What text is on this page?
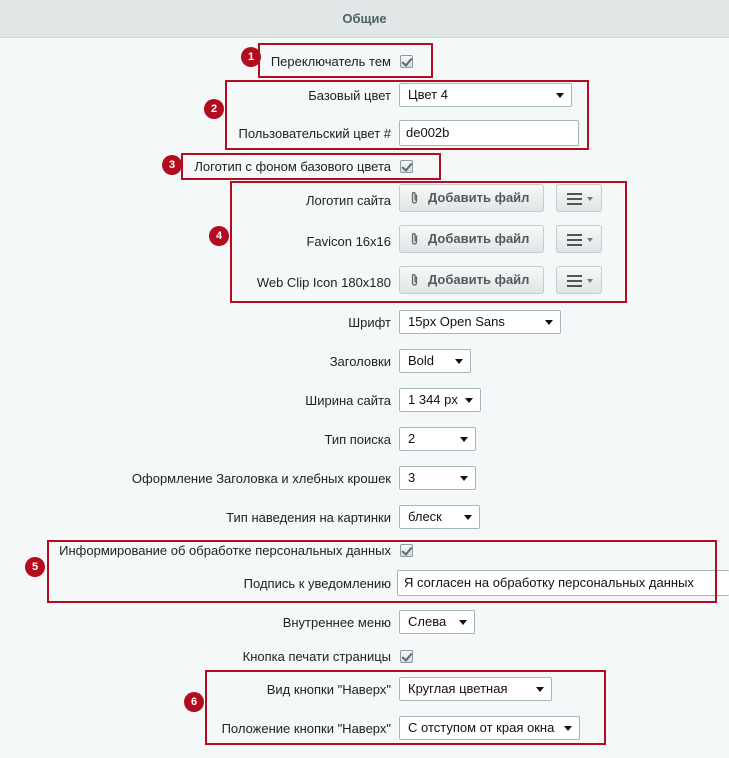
Общие
Переключатель тем
Базовый цвет	Цвет 4
Пользовательский цвет #	de002b
Логотип с фоном базового цвета
Логотип сайта	Добавить файл
Favicon 16x16	Добавить файл
Web Clip Icon 180x180	Добавить файл
Шрифт	15px Open Sans
Заголовки	Bold
Ширина сайта	1 344 px
Тип поиска	2
Оформление Заголовка и хлебных крошек	3
Тип наведения на картинки	блеск
Информирование об обработке персональных данных
Подпись к уведомлению	Я согласен на обработку персональных данных
Внутреннее меню	Слева
Кнопка печати страницы
Вид кнопки "Наверх"	Круглая цветная
Положение кнопки "Наверх"	С отступом от края окна
1
2
3
4
5
6
